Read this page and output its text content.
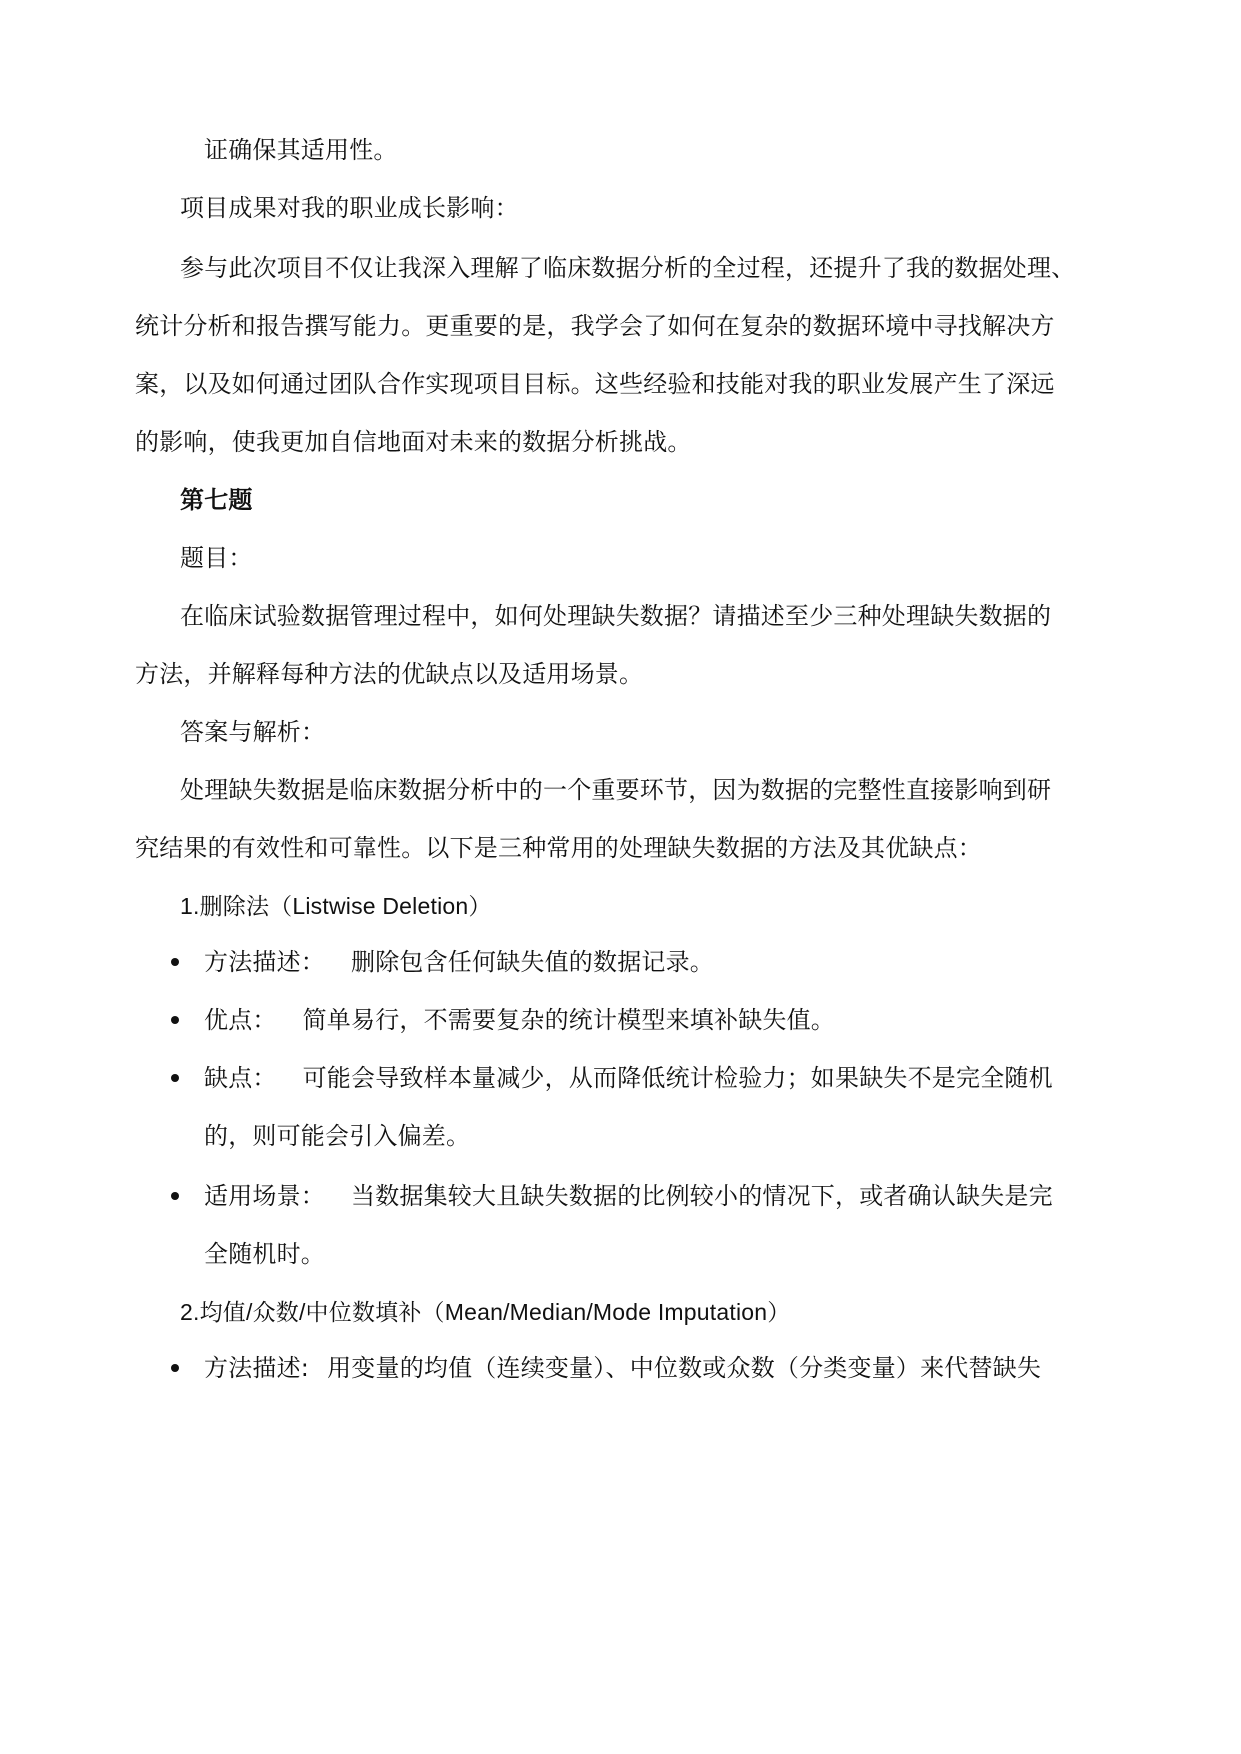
证确保其适用性。
项目成果对我的职业成长影响：
参与此次项目不仅让我深入理解了临床数据分析的全过程，还提升了我的数据处理、
统计分析和报告撰写能力。更重要的是，我学会了如何在复杂的数据环境中寻找解决方
案，以及如何通过团队合作实现项目目标。这些经验和技能对我的职业发展产生了深远
的影响，使我更加自信地面对未来的数据分析挑战。
第七题
题目：
在临床试验数据管理过程中，如何处理缺失数据？请描述至少三种处理缺失数据的
方法，并解释每种方法的优缺点以及适用场景。
答案与解析：
处理缺失数据是临床数据分析中的一个重要环节，因为数据的完整性直接影响到研
究结果的有效性和可靠性。以下是三种常用的处理缺失数据的方法及其优缺点：
1.删除法（Listwise Deletion）
方法描述： 删除包含任何缺失值的数据记录。
优点： 简单易行，不需要复杂的统计模型来填补缺失值。
缺点： 可能会导致样本量减少，从而降低统计检验力；如果缺失不是完全随机
的，则可能会引入偏差。
适用场景： 当数据集较大且缺失数据的比例较小的情况下，或者确认缺失是完
全随机时。
2.均值/众数/中位数填补（Mean/Median/Mode Imputation）
方法描述: 用变量的均值（连续变量）、中位数或众数（分类变量）来代替缺失
